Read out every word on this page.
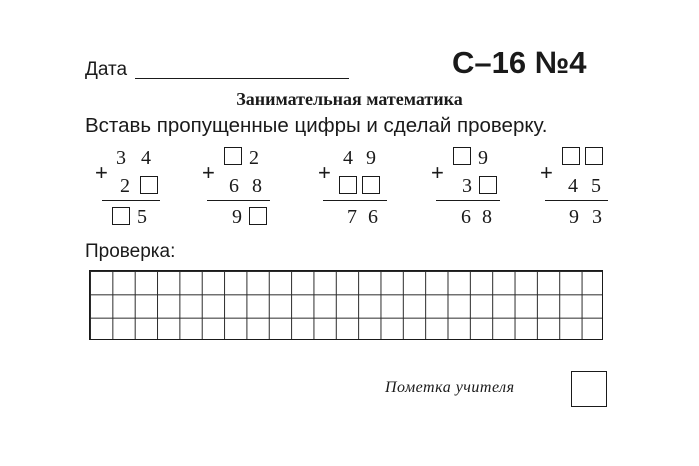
Дата	С–16 №4
Занимательная математика
Вставь пропущенные цифры и сделай проверку.
+
3 4
2
5
+
2
6 8
9
+
4 9
7 6
+
9
3
6 8
+
4 5
9 3
Проверка:
Пометка учителя
